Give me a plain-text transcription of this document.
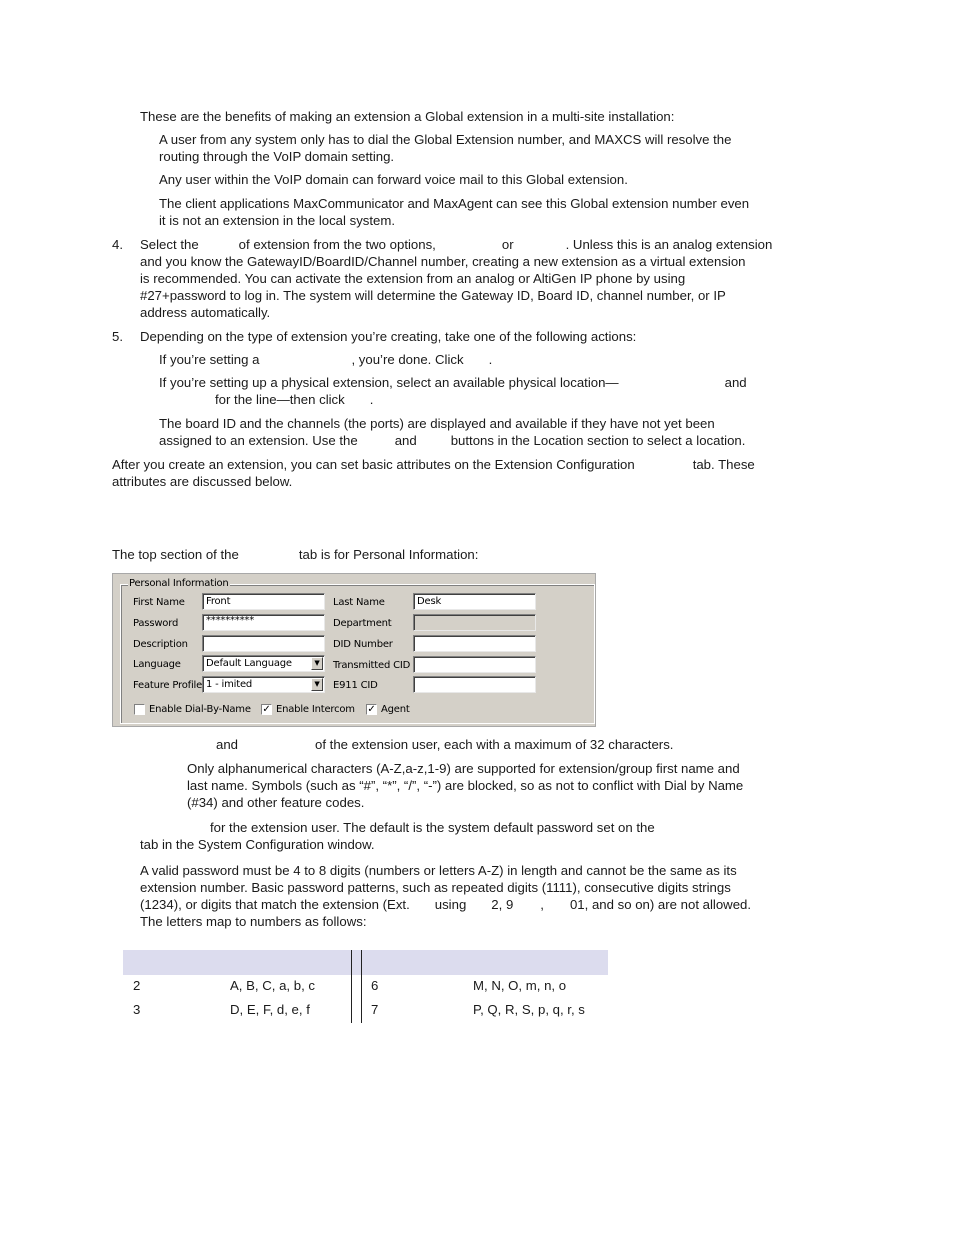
These are the benefits of making an extension a Global extension in a multi-site installation:

A user from any system only has to dial the Global Extension number, and MAXCS will resolve the

routing through the VoIP domain setting.

Any user within the VoIP domain can forward voice mail to this Global extension.

The client applications MaxCommunicator and MaxAgent can see this Global extension number even

it is not an extension in the local system.

4. Select the	of extension from the two options,	or	. Unless this is an analog extension

and you know the GatewayID/BoardID/Channel number, creating a new extension as a virtual extension

is recommended. You can activate the extension from an analog or AltiGen IP phone by using

#27+password to log in. The system will determine the Gateway ID, Board ID, channel number, or IP

address automatically.

5. Depending on the type of extension you’re creating, take one of the following actions:

If you’re setting a	, you’re done. Click .

If you’re setting up a physical extension, select an available physical location—	and

for the line—then click .

The board ID and the channels (the ports) are displayed and available if they have not yet been

assigned to an extension. Use the	and	buttons in the Location section to select a location.

After you create an extension, you can set basic attributes on the Extension Configuration	tab. These

attributes are discussed below.

The top section of the	tab is for Personal Information:

Personal Information
First Name	Front	Last Name	Desk
Password	**********	Department
Description	DID Number
Language	Default Language	▼	Transmitted CID
Feature Profile 1 - imited	▼	E911 CID
Enable Dial-By-Name ✓ Enable Intercom ✓ Agent

and	of the extension user, each with a maximum of 32 characters.

Only alphanumerical characters (A-Z,a-z,1-9) are supported for extension/group first name and

last name. Symbols (such as “#”, “*”, “/”, “-”) are blocked, so as not to conflict with Dial by Name

(#34) and other feature codes.

for the extension user. The default is the system default password set on the

tab in the System Configuration window.

A valid password must be 4 to 8 digits (numbers or letters A-Z) in length and cannot be the same as its

extension number. Basic password patterns, such as repeated digits (1111), consecutive digits strings

(1234), or digits that match the extension (Ext. using 2, 9 , 01, and so on) are not allowed.

The letters map to numbers as follows:

2	A, B, C, a, b, c	6	M, N, O, m, n, o
3	D, E, F, d, e, f	7	P, Q, R, S, p, q, r, s
